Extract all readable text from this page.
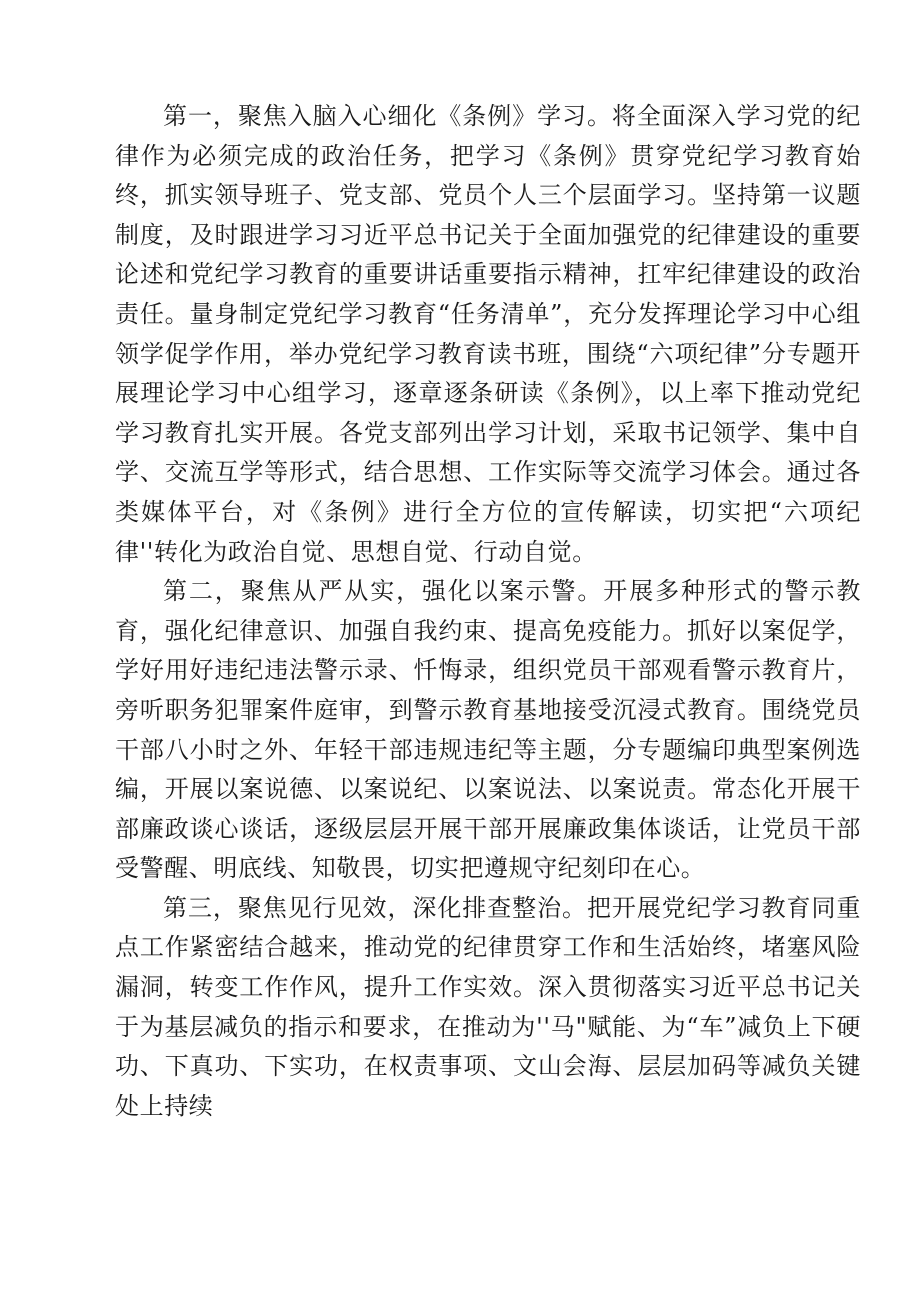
第一，聚焦入脑入心细化《条例》学习。将全面深入学习党的纪律作为必须完成的政治任务，把学习《条例》贯穿党纪学习教育始终，抓实领导班子、党支部、党员个人三个层面学习。坚持第一议题制度，及时跟进学习习近平总书记关于全面加强党的纪律建设的重要论述和党纪学习教育的重要讲话重要指示精神，扛牢纪律建设的政治责任。量身制定党纪学习教育“任务清单”，充分发挥理论学习中心组领学促学作用，举办党纪学习教育读书班，围绕“六项纪律”分专题开展理论学习中心组学习，逐章逐条研读《条例》，以上率下推动党纪学习教育扎实开展。各党支部列出学习计划，采取书记领学、集中自学、交流互学等形式，结合思想、工作实际等交流学习体会。通过各类媒体平台，对《条例》进行全方位的宣传解读，切实把“六项纪律''转化为政治自觉、思想自觉、行动自觉。

第二，聚焦从严从实，强化以案示警。开展多种形式的警示教育，强化纪律意识、加强自我约束、提高免疫能力。抓好以案促学，学好用好违纪违法警示录、忏悔录，组织党员干部观看警示教育片，旁听职务犯罪案件庭审，到警示教育基地接受沉浸式教育。围绕党员干部八小时之外、年轻干部违规违纪等主题，分专题编印典型案例选编，开展以案说德、以案说纪、以案说法、以案说责。常态化开展干部廉政谈心谈话，逐级层层开展干部开展廉政集体谈话，让党员干部受警醒、明底线、知敬畏，切实把遵规守纪刻印在心。

第三，聚焦见行见效，深化排查整治。把开展党纪学习教育同重点工作紧密结合越来，推动党的纪律贯穿工作和生活始终，堵塞风险漏洞，转变工作作风，提升工作实效。深入贯彻落实习近平总书记关于为基层减负的指示和要求，在推动为''马"赋能、为“车”减负上下硬功、下真功、下实功，在权责事项、文山会海、层层加码等减负关键处上持续
